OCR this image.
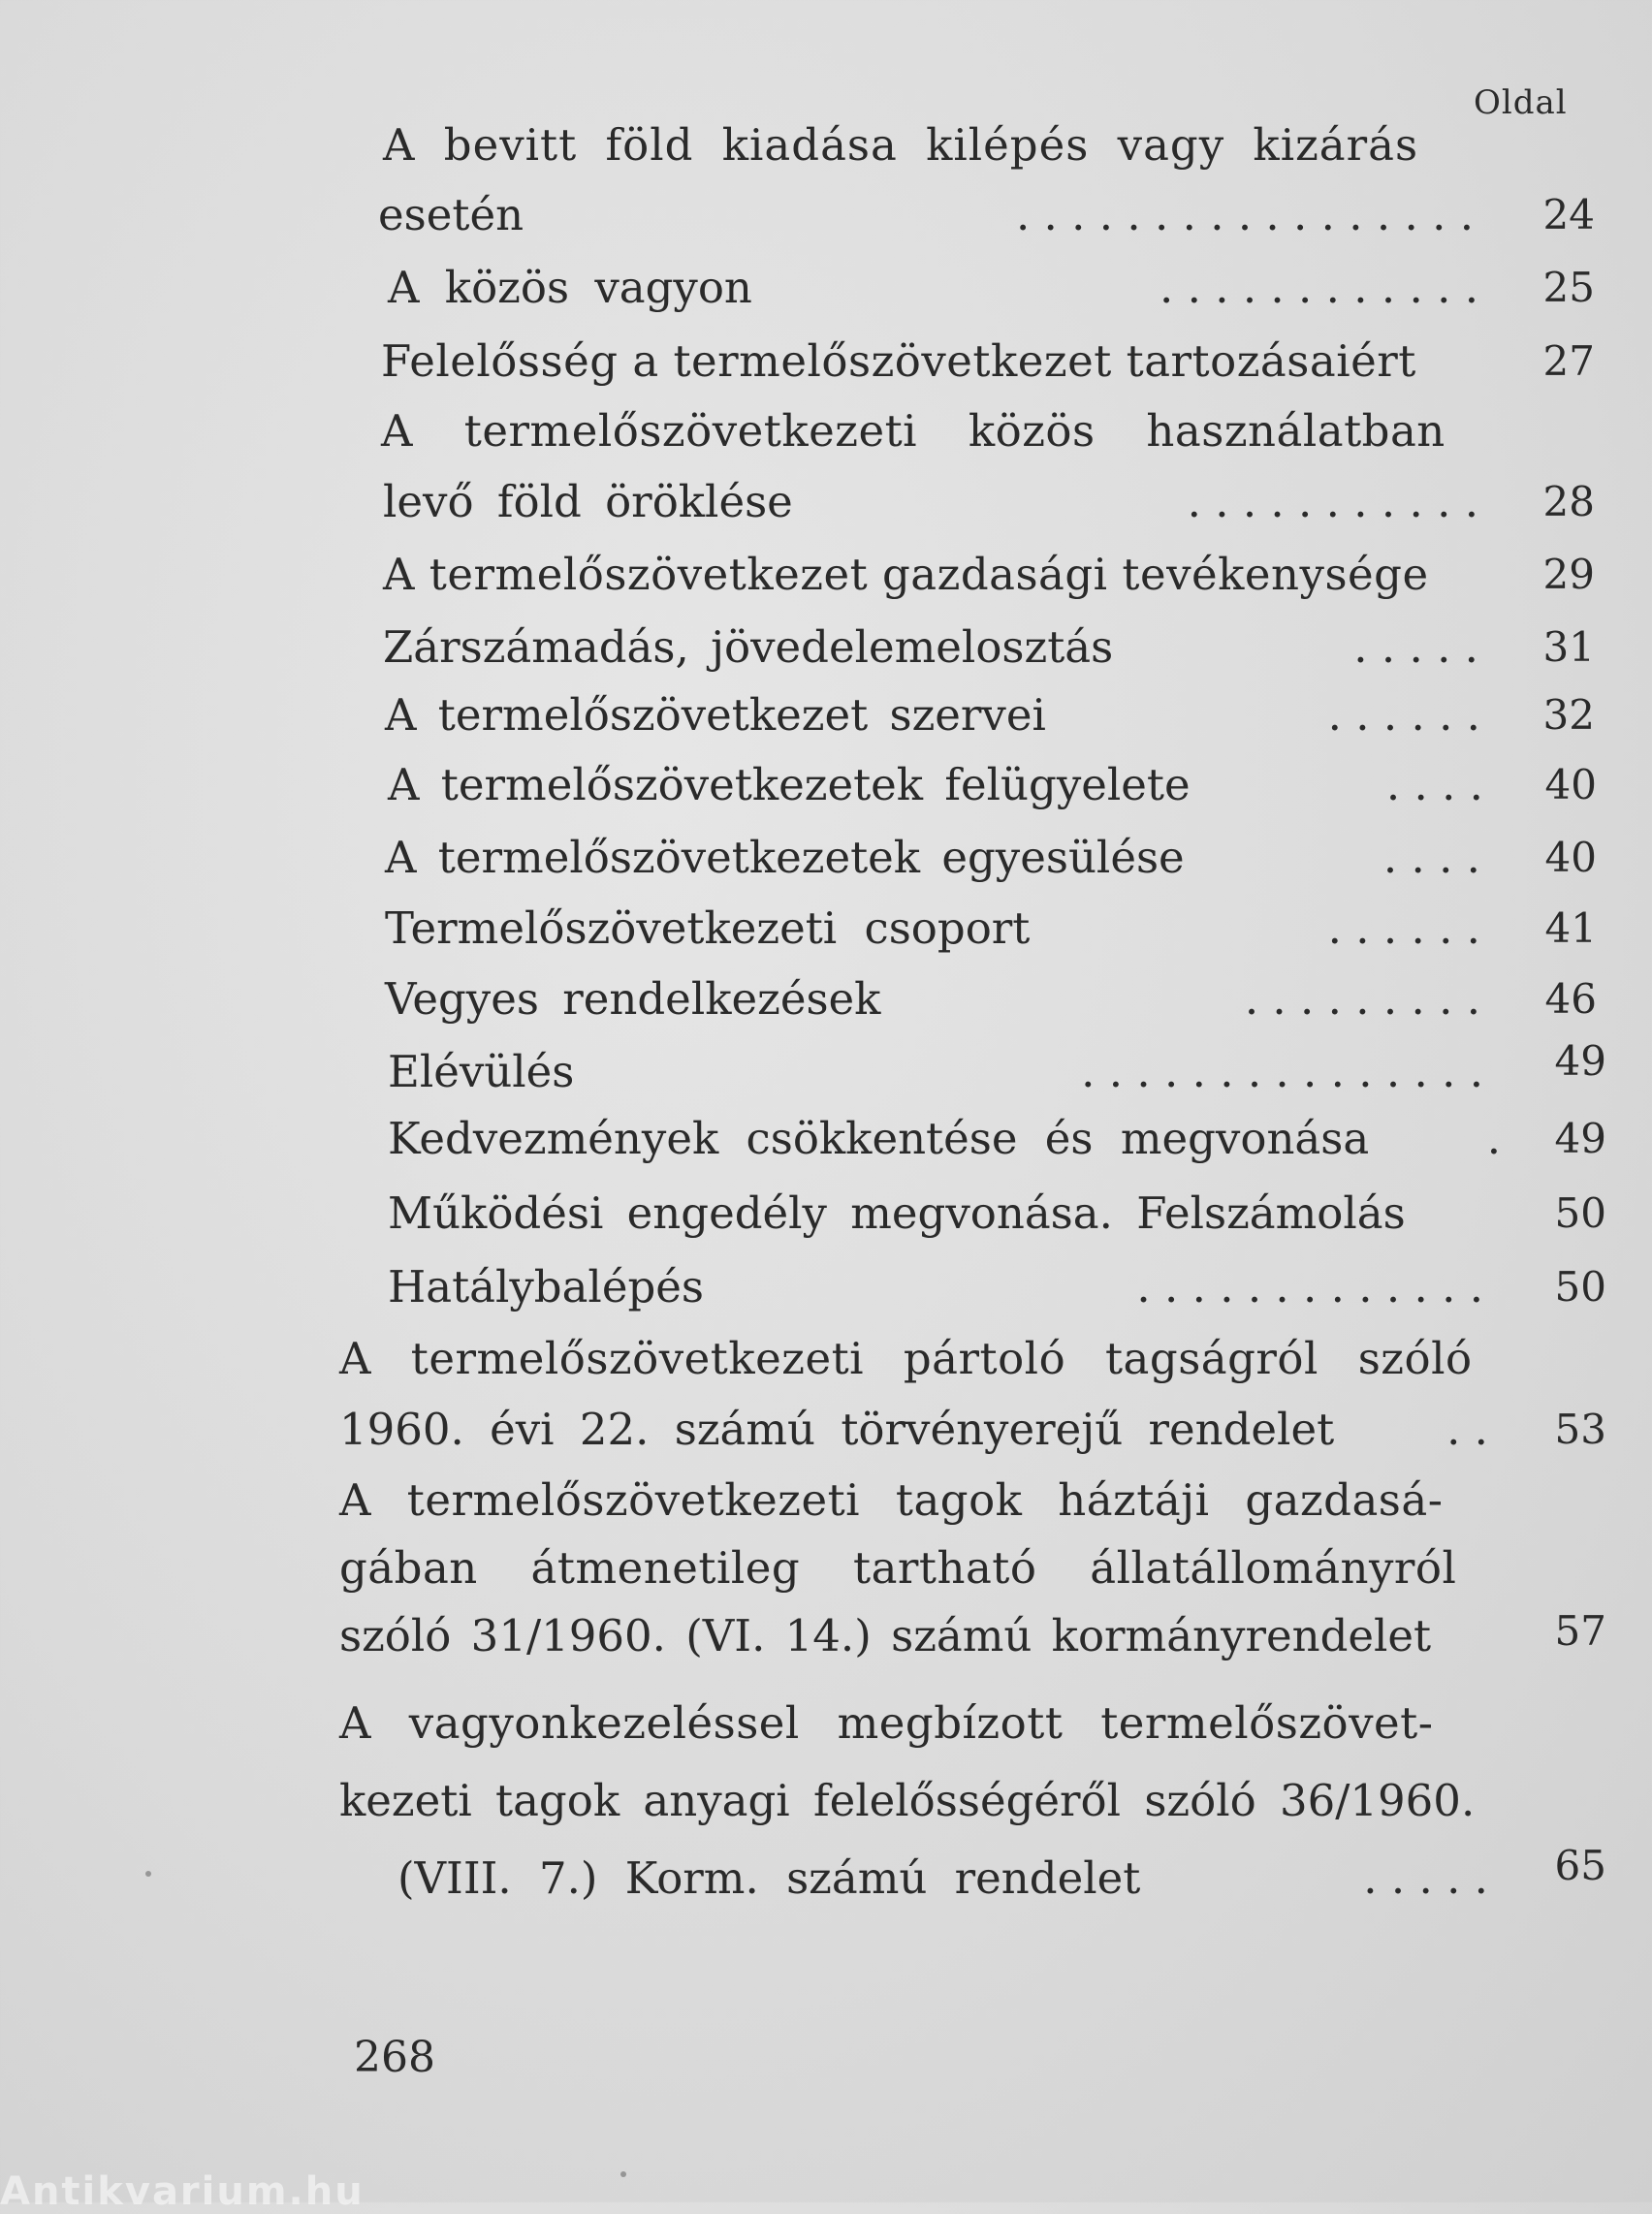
Oldal
A bevitt föld kiadása kilépés vagy kizárás
esetén	. . . . . . . . . . . . . . . . .	24
A közös vagyon	. . . . . . . . . . . .	25
Felelősség a termelőszövetkezet tartozásaiért	27
A termelőszövetkezeti közös használatban
levő föld öröklése	. . . . . . . . . . .	28
A termelőszövetkezet gazdasági tevékenysége	29
Zárszámadás, jövedelemelosztás	. . . . .	31
A termelőszövetkezet szervei	. . . . . .	32
A termelőszövetkezetek felügyelete	. . . .	40
A termelőszövetkezetek egyesülése	. . . .	40
Termelőszövetkezeti csoport	. . . . . .	41
Vegyes rendelkezések	. . . . . . . . .	46
Elévülés	. . . . . . . . . . . . . . .	49
Kedvezmények csökkentése és megvonása	.	49
Működési engedély megvonása. Felszámolás	50
Hatálybalépés	. . . . . . . . . . . . .	50
A termelőszövetkezeti pártoló tagságról szóló
1960. évi 22. számú törvényerejű rendelet	. .	53
A termelőszövetkezeti tagok háztáji gazdasá-
gában átmenetileg tartható állatállományról
szóló 31/1960. (VI. 14.) számú kormányrendelet	57
A vagyonkezeléssel megbízott termelőszövet-
kezeti tagok anyagi felelősségéről szóló 36/1960.
(VIII. 7.) Korm. számú rendelet	. . . . .	65
268
Antikvarium.hu
